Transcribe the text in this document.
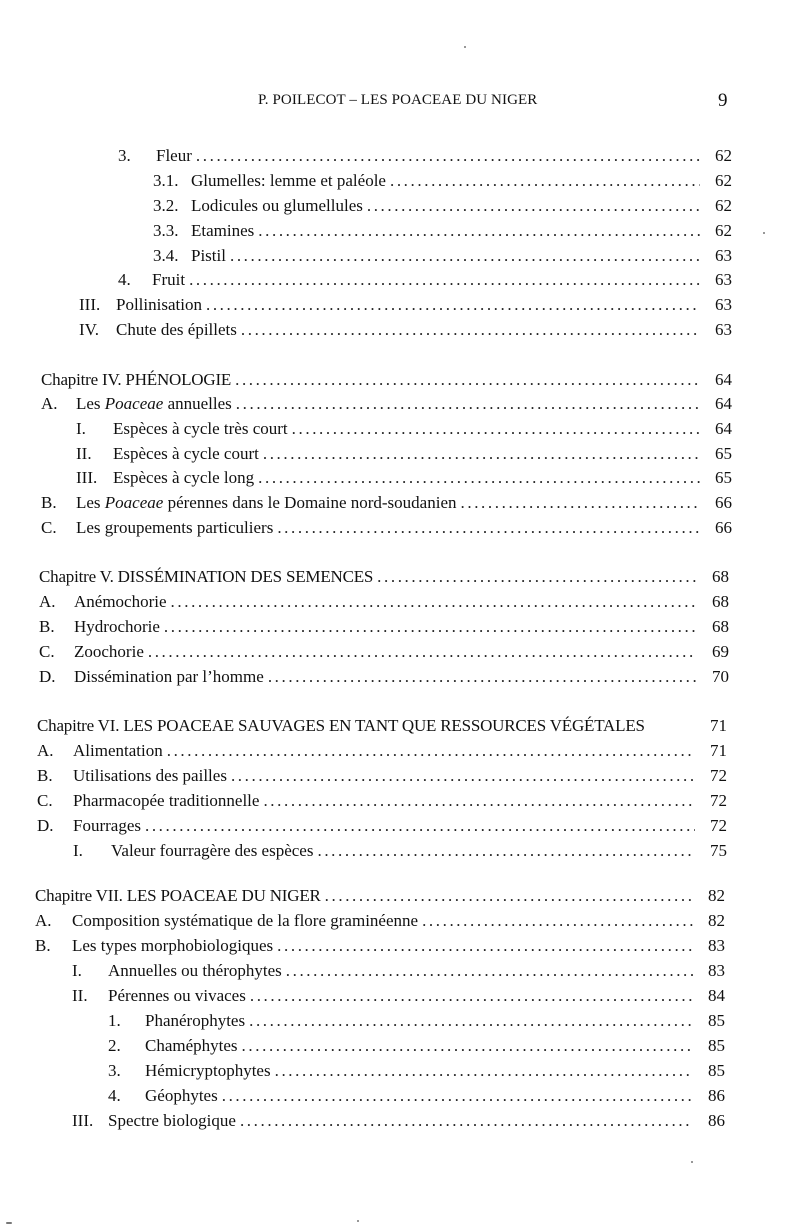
P. POILECOT – LES POACEAE DU NIGER	9
3.	Fleur .....	62
3.1. Glumelles: lemme et paléole .....	62
3.2. Lodicules ou glumellules .....	62
3.3. Etamines .....	62
3.4. Pistil .....	63
4.	Fruit .....	63
III. Pollinisation .....	63
IV.	Chute des épillets .....	63
Chapitre IV. PHÉNOLOGIE .....	64
A.	Les Poaceae annuelles .....	64
I.	Espèces à cycle très court .....	64
II.	Espèces à cycle court .....	65
III. Espèces à cycle long .....	65
B.	Les Poaceae pérennes dans le Domaine nord-soudanien .....	66
C.	Les groupements particuliers .....	66
Chapitre V. DISSÉMINATION DES SEMENCES .....	68
A.	Anémochorie .....	68
B.	Hydrochorie .....	68
C.	Zoochorie .....	69
D.	Dissémination par l’homme .....	70
Chapitre VI. LES POACEAE SAUVAGES EN TANT QUE RESSOURCES VÉGÉTALES	71
A.	Alimentation .....	71
B.	Utilisations des pailles .....	72
C.	Pharmacopée traditionnelle .....	72
D.	Fourrages .....	72
I.	Valeur fourragère des espèces .....	75
Chapitre VII. LES POACEAE DU NIGER .....	82
A.	Composition systématique de la flore graminéenne .....	82
B.	Les types morphobiologiques .....	83
I.	Annuelles ou thérophytes .....	83
II.	Pérennes ou vivaces .....	84
1.	Phanérophytes .....	85
2.	Chaméphytes .....	85
3.	Hémicryptophytes .....	85
4.	Géophytes .....	86
III. Spectre biologique .....	86
